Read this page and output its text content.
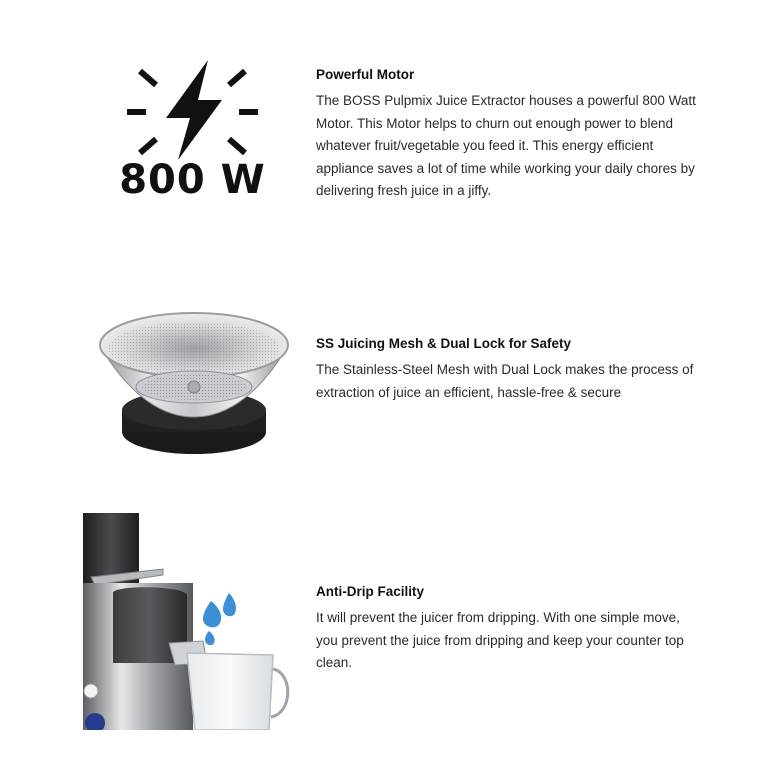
800 W
Powerful Motor

The BOSS Pulpmix Juice Extractor houses a powerful 800 Watt Motor. This Motor helps to churn out enough power to blend whatever fruit/vegetable you feed it. This energy efficient appliance saves a lot of time while working your daily chores by delivering fresh juice in a jiffy.

SS Juicing Mesh & Dual Lock for Safety

The Stainless-Steel Mesh with Dual Lock makes the process of extraction of juice an efficient, hassle-free & secure

Anti-Drip Facility

It will prevent the juicer from dripping. With one simple move, you prevent the juice from dripping and keep your counter top clean.
